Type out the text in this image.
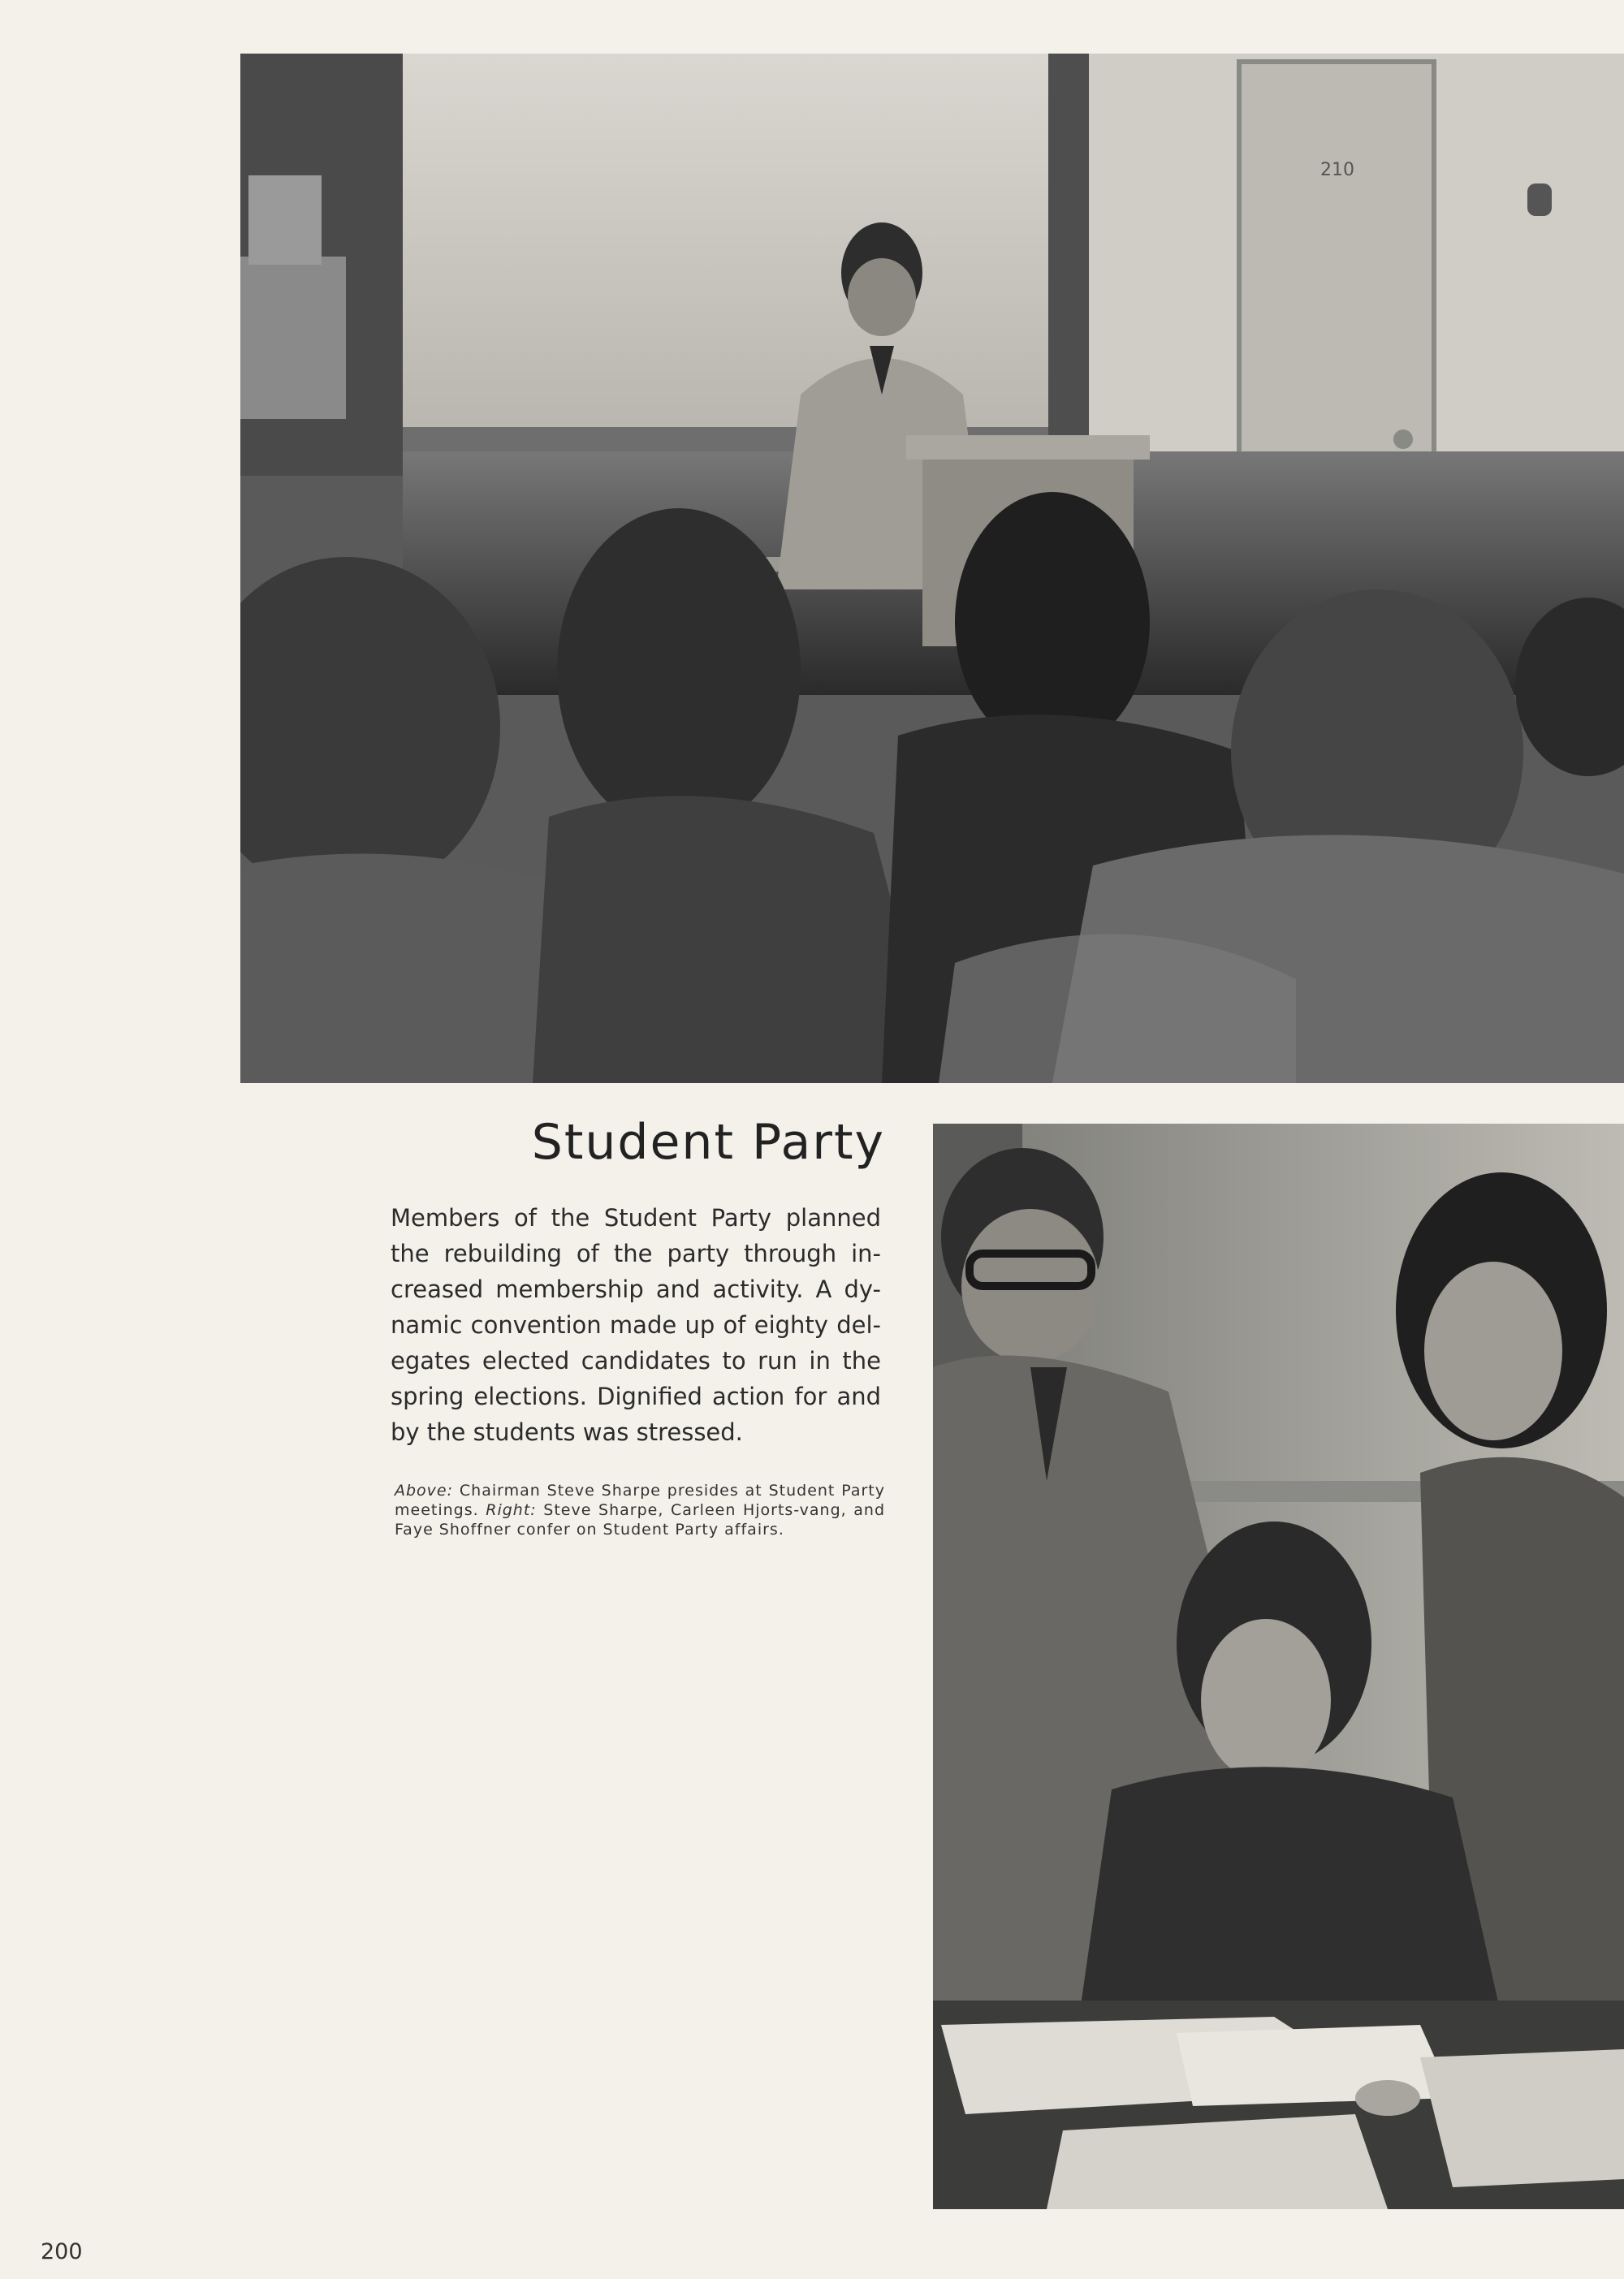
210
Student Party

Members of the Student Party planned the rebuilding of the party through in-creased membership and activity. A dy-namic convention made up of eighty del-egates elected candidates to run in the spring elections. Dignified action for and by the students was stressed.

Above: Chairman Steve Sharpe presides at Student Party meetings. Right: Steve Sharpe, Carleen Hjorts-vang, and Faye Shoffner confer on Student Party affairs.

200
